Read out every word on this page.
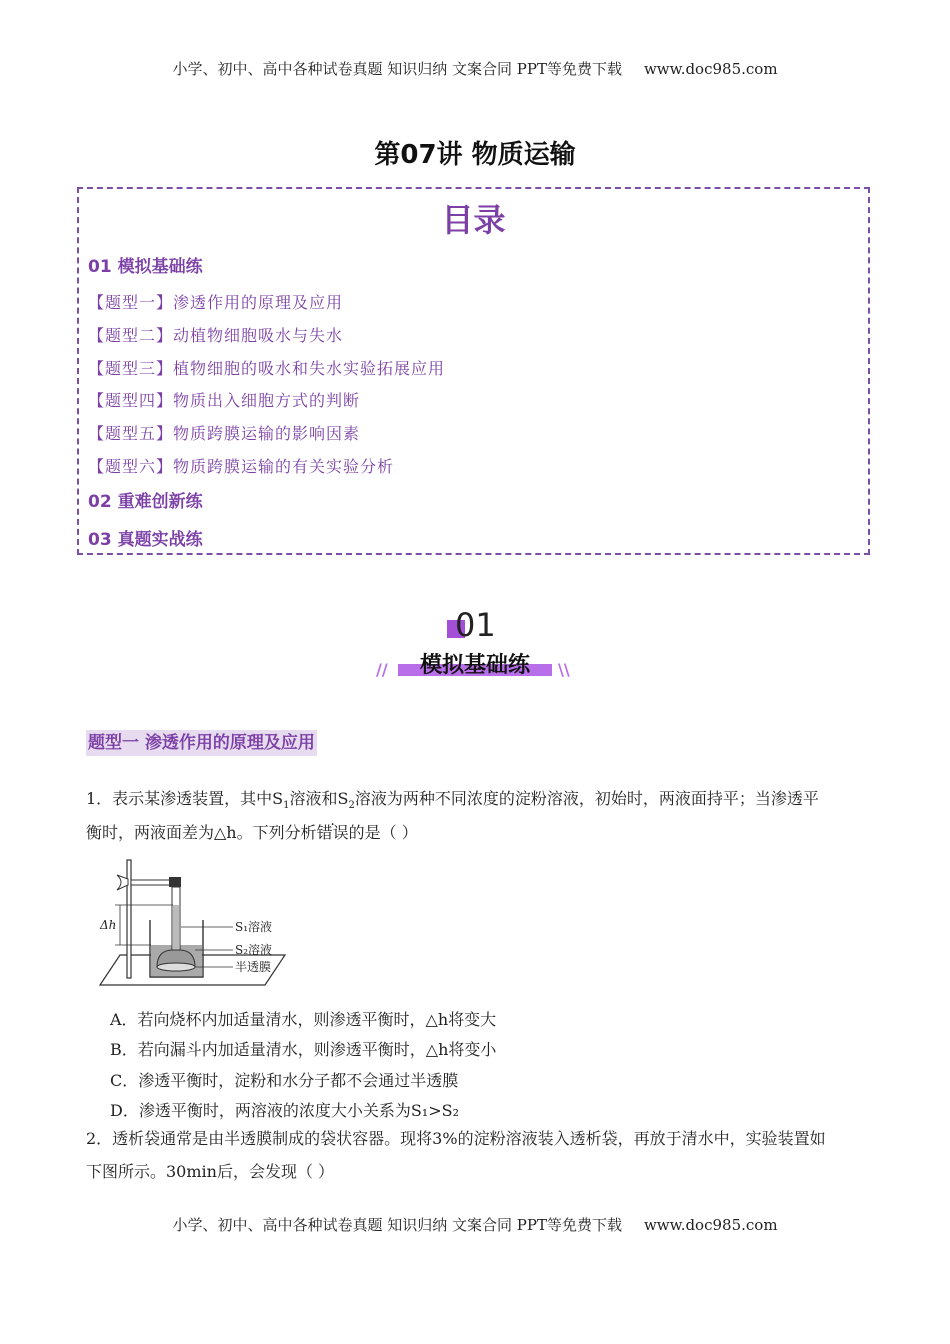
小学、初中、高中各种试卷真题 知识归纳 文案合同 PPT等免费下载 www.doc985.com
第07讲 物质运输
目录
01 模拟基础练
【题型一】渗透作用的原理及应用
【题型二】动植物细胞吸水与失水
【题型三】植物细胞的吸水和失水实验拓展应用
【题型四】物质出入细胞方式的判断
【题型五】物质跨膜运输的影响因素
【题型六】物质跨膜运输的有关实验分析
02 重难创新练
03 真题实战练
01
模拟基础练
//	\\
题型一 渗透作用的原理及应用
1．表示某渗透装置，其中$S_1$溶液和$S_2$溶液为两种不同浓度的淀粉溶液，初始时，两液面持平；当渗透平
衡时，两液面差为△h。下列分析错误的是（ ）
Δh	S₁溶液
S₂溶液
半透膜
A．若向烧杯内加适量清水，则渗透平衡时，△h将变大
B．若向漏斗内加适量清水，则渗透平衡时，△h将变小
C．渗透平衡时，淀粉和水分子都不会通过半透膜
D．渗透平衡时，两溶液的浓度大小关系为S₁>S₂
2．透析袋通常是由半透膜制成的袋状容器。现将3%的淀粉溶液装入透析袋，再放于清水中，实验装置如
下图所示。30min后，会发现（ ）
小学、初中、高中各种试卷真题 知识归纳 文案合同 PPT等免费下载 www.doc985.com
